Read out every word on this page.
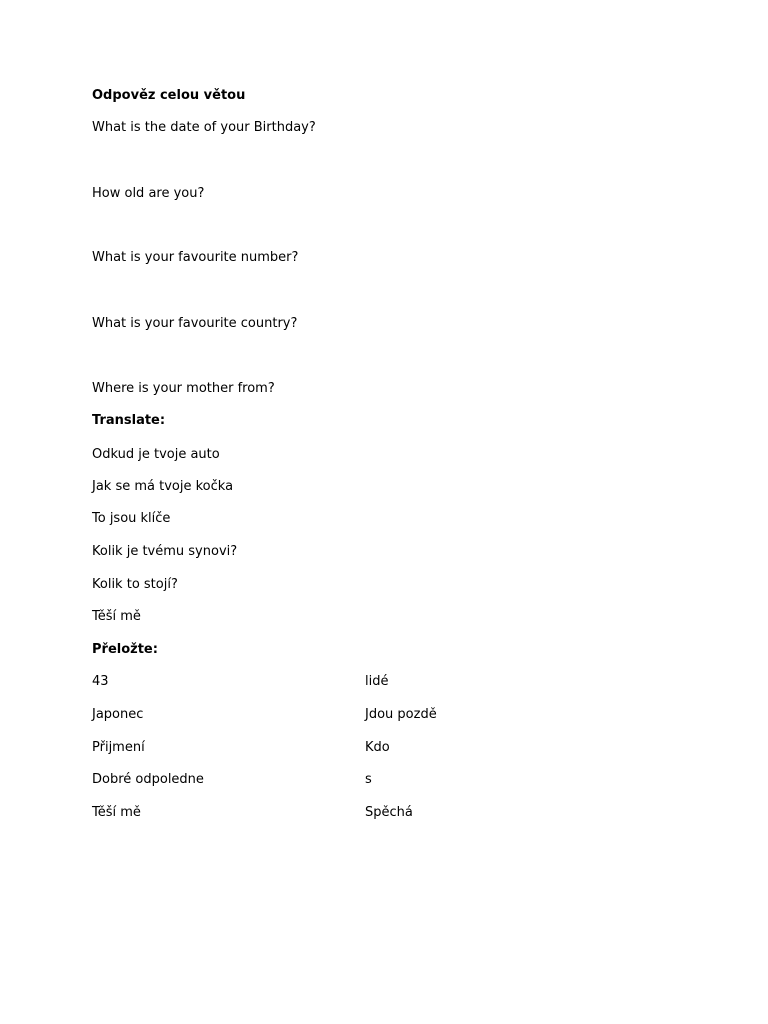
Odpověz celou větou
What is the date of your Birthday?
How old are you?
What is your favourite number?
What is your favourite country?
Where is your mother from?
Translate:
Odkud je tvoje auto
Jak se má tvoje kočka
To jsou klíče
Kolik je tvému synovi?
Kolik to stojí?
Těší mě
Přeložte:
43	lidé
Japonec	Jdou pozdě
Přijmení	Kdo
Dobré odpoledne	s
Těší mě	Spěchá
